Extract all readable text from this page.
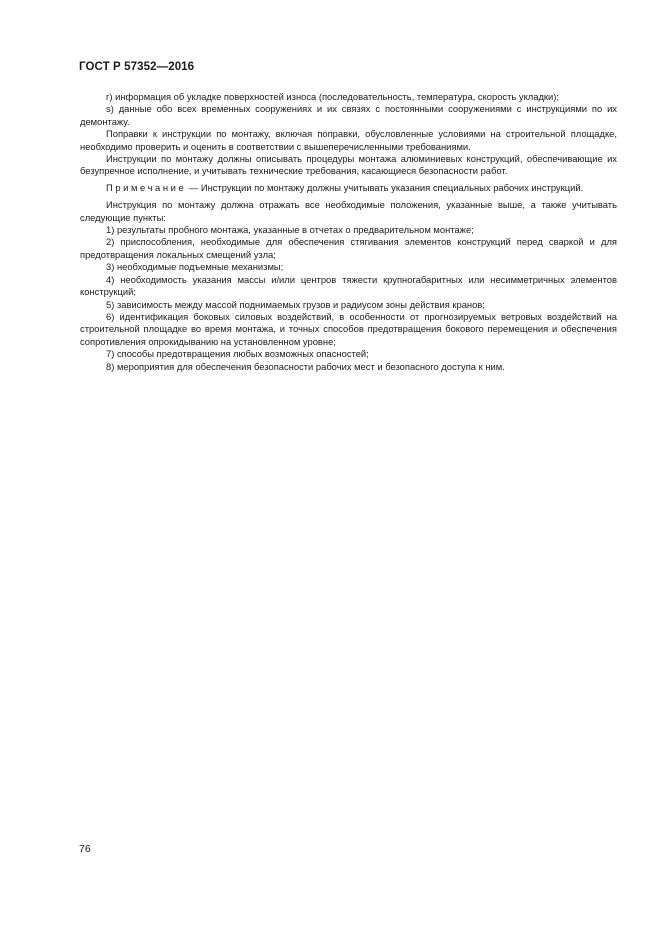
ГОСТ Р 57352—2016

г) информация об укладке поверхностей износа (последовательность, температура, скорость укладки);

s) данные обо всех временных сооружениях и их связях с постоянными сооружениями с инструкциями по их демонтажу.

Поправки к инструкции по монтажу, включая поправки, обусловленные условиями на строительной площадке, необходимо проверить и оценить в соответствии с вышеперечисленными требованиями.

Инструкции по монтажу должны описывать процедуры монтажа алюминиевых конструкций, обеспечивающие их безупречное исполнение, и учитывать технические требования, касающиеся безопасности работ.

Примечание — Инструкции по монтажу должны учитывать указания специальных рабочих инструкций.

Инструкция по монтажу должна отражать все необходимые положения, указанные выше, а также учитывать следующие пункты:

1) результаты пробного монтажа, указанные в отчетах о предварительном монтаже;

2) приспособления, необходимые для обеспечения стягивания элементов конструкций перед сваркой и для предотвращения локальных смещений узла;

3) необходимые подъемные механизмы;

4) необходимость указания массы и/или центров тяжести крупногабаритных или несимметричных элементов конструкций;

5) зависимость между массой поднимаемых грузов и радиусом зоны действия кранов;

6) идентификация боковых силовых воздействий, в особенности от прогнозируемых ветровых воздействий на строительной площадке во время монтажа, и точных способов предотвращения бокового перемещения и обеспечения сопротивления опрокидыванию на установленном уровне;

7) способы предотвращения любых возможных опасностей;

8) мероприятия для обеспечения безопасности рабочих мест и безопасного доступа к ним.

76
